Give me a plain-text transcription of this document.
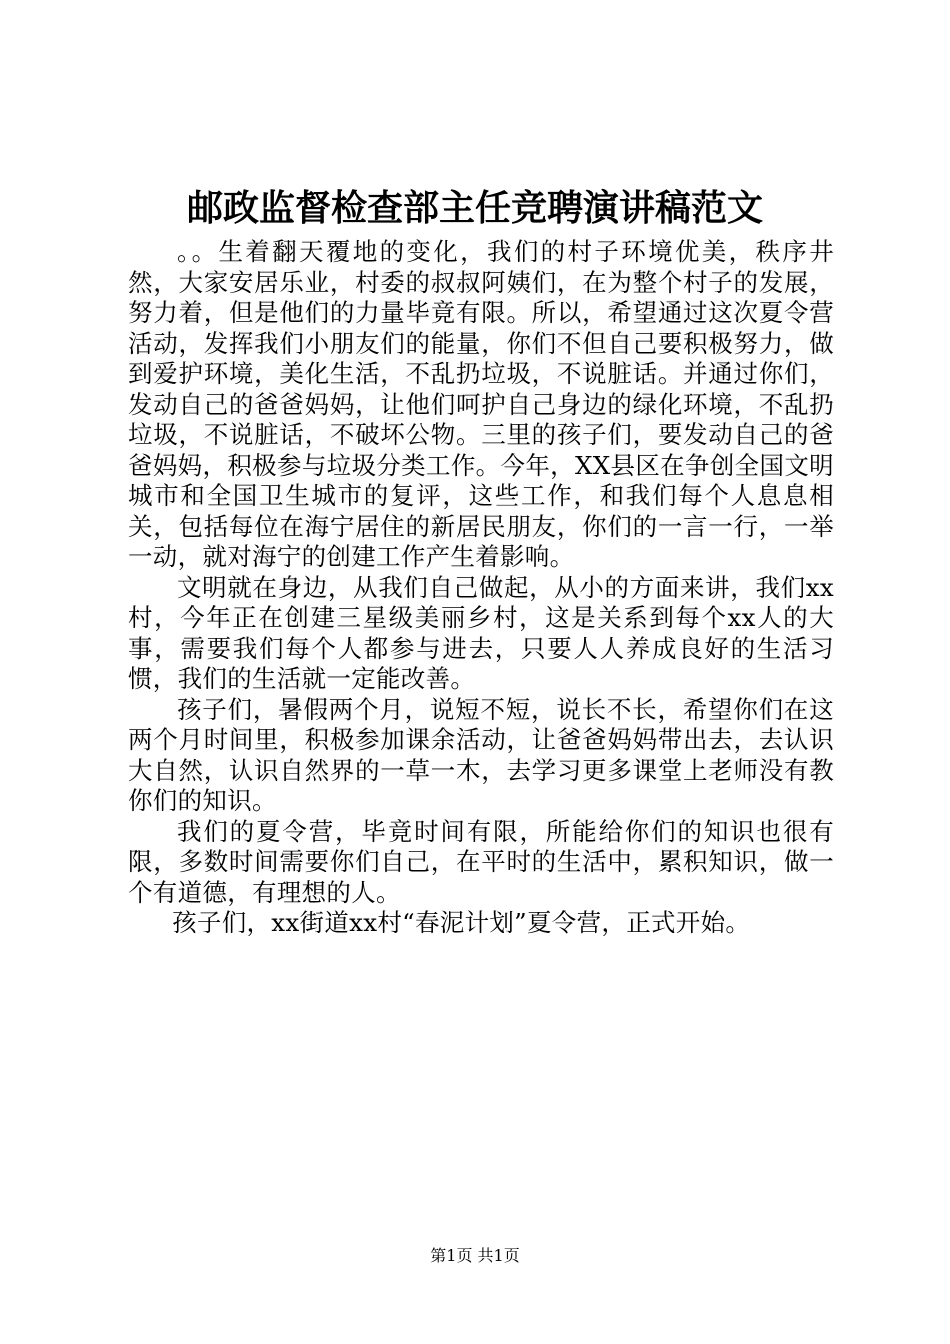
邮政监督检查部主任竞聘演讲稿范文

。。生着翻天覆地的变化，我们的村子环境优美，秩序井然，大家安居乐业，村委的叔叔阿姨们，在为整个村子的发展，努力着，但是他们的力量毕竟有限。所以，希望通过这次夏令营活动，发挥我们小朋友们的能量，你们不但自己要积极努力，做到爱护环境，美化生活，不乱扔垃圾，不说脏话。并通过你们，发动自己的爸爸妈妈，让他们呵护自己身边的绿化环境，不乱扔垃圾，不说脏话，不破坏公物。三里的孩子们，要发动自己的爸爸妈妈，积极参与垃圾分类工作。今年，XX县区在争创全国文明城市和全国卫生城市的复评，这些工作，和我们每个人息息相关，包括每位在海宁居住的新居民朋友，你们的一言一行，一举一动，就对海宁的创建工作产生着影响。

文明就在身边，从我们自己做起，从小的方面来讲，我们xx村，今年正在创建三星级美丽乡村，这是关系到每个xx人的大事，需要我们每个人都参与进去，只要人人养成良好的生活习惯，我们的生活就一定能改善。

孩子们，暑假两个月，说短不短，说长不长，希望你们在这两个月时间里，积极参加课余活动，让爸爸妈妈带出去，去认识大自然，认识自然界的一草一木，去学习更多课堂上老师没有教你们的知识。

我们的夏令营，毕竟时间有限，所能给你们的知识也很有限，多数时间需要你们自己，在平时的生活中，累积知识，做一个有道德，有理想的人。

孩子们，xx街道xx村“春泥计划”夏令营，正式开始。

第1页 共1页
